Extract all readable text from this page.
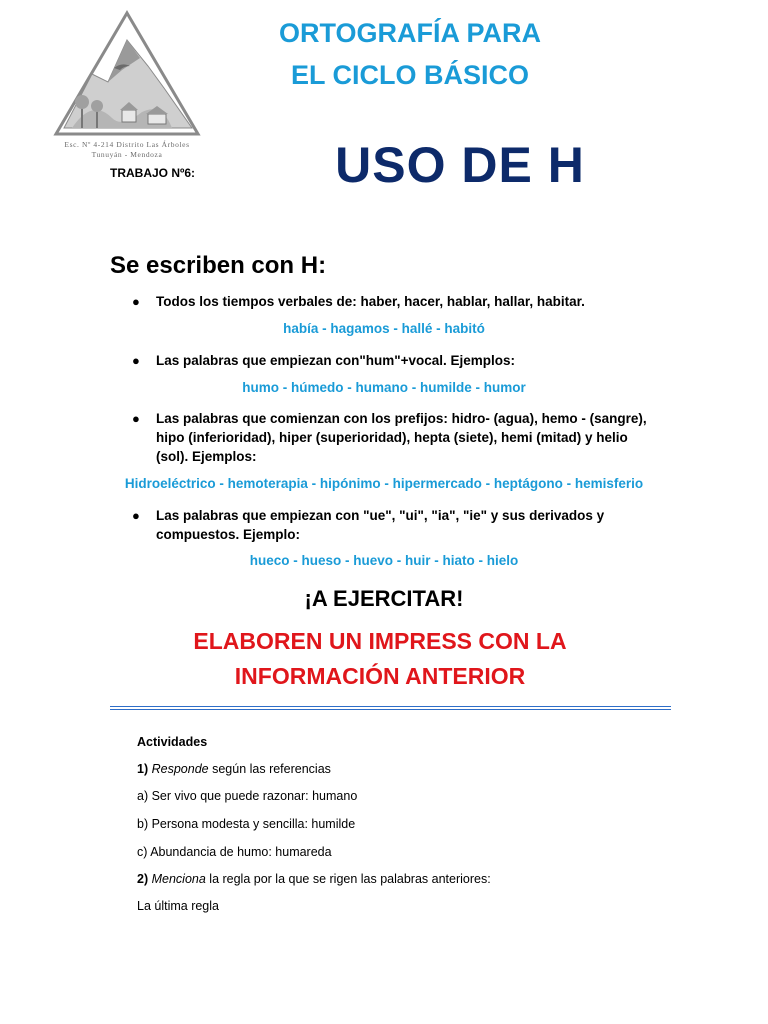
Esc. Nº 4-214 Distrito Las Árboles
Tunuyán - Mendoza
ORTOGRAFÍA PARA
EL CICLO BÁSICO
USO DE H
TRABAJO Nº6:
Se escriben con H:
●	Todos los tiempos verbales de: haber, hacer, hablar, hallar, habitar.
había - hagamos - hallé - habitó
●	Las palabras que empiezan con"hum"+vocal. Ejemplos:
humo - húmedo - humano - humilde - humor
●	Las palabras que comienzan con los prefijos: hidro- (agua), hemo - (sangre),
hipo (inferioridad), hiper (superioridad), hepta (siete), hemi (mitad) y helio
(sol). Ejemplos:
Hidroeléctrico - hemoterapia - hipónimo - hipermercado - heptágono - hemisferio
●	Las palabras que empiezan con "ue", "ui", "ia", "ie" y sus derivados y
compuestos. Ejemplo:
hueco - hueso - huevo - huir - hiato - hielo
¡A EJERCITAR!
ELABOREN UN IMPRESS CON LA
INFORMACIÓN ANTERIOR
Actividades
1) Responde según las referencias
a) Ser vivo que puede razonar: humano
b) Persona modesta y sencilla: humilde
c) Abundancia de humo: humareda
2) Menciona la regla por la que se rigen las palabras anteriores:
La última regla
